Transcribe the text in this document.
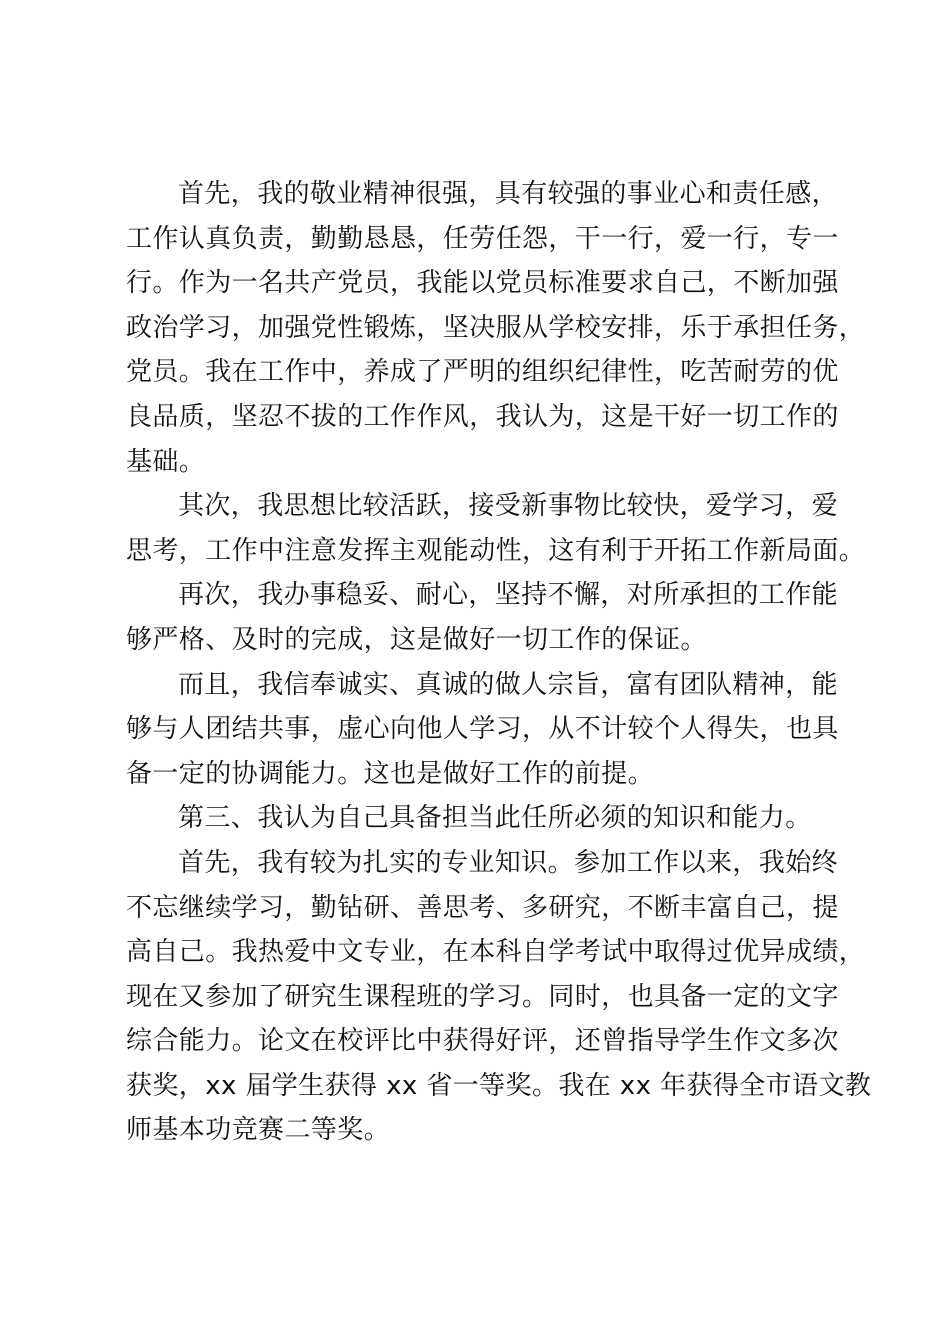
首先，我的敬业精神很强，具有较强的事业心和责任感，
工作认真负责，勤勤恳恳，任劳任怨，干一行，爱一行，专一
行。作为一名共产党员，我能以党员标准要求自己，不断加强
政治学习，加强党性锻炼，坚决服从学校安排，乐于承担任务，
党员。我在工作中，养成了严明的组织纪律性，吃苦耐劳的优
良品质，坚忍不拔的工作作风，我认为，这是干好一切工作的
基础。
其次，我思想比较活跃，接受新事物比较快，爱学习，爱
思考，工作中注意发挥主观能动性，这有利于开拓工作新局面。
再次，我办事稳妥、耐心，坚持不懈，对所承担的工作能
够严格、及时的完成，这是做好一切工作的保证。
而且，我信奉诚实、真诚的做人宗旨，富有团队精神，能
够与人团结共事，虚心向他人学习，从不计较个人得失，也具
备一定的协调能力。这也是做好工作的前提。
第三、我认为自己具备担当此任所必须的知识和能力。
首先，我有较为扎实的专业知识。参加工作以来，我始终
不忘继续学习，勤钻研、善思考、多研究，不断丰富自己，提
高自己。我热爱中文专业，在本科自学考试中取得过优异成绩，
现在又参加了研究生课程班的学习。同时，也具备一定的文字
综合能力。论文在校评比中获得好评，还曾指导学生作文多次
获奖，xx 届学生获得 xx 省一等奖。我在 xx 年获得全市语文教
师基本功竞赛二等奖。
